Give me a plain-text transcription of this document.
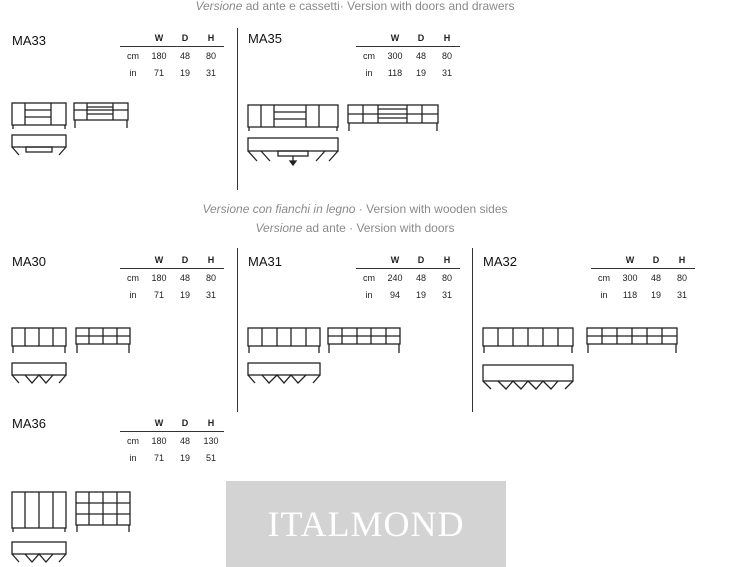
Versione ad ante e cassetti· Version with doors and drawers
Versione con fianchi in legno · Version with wooden sides
Versione ad ante · Version with doors
MA33
		W	D	H
cm	180	48	80
in	71	19	31
MA35
		W	D	H
cm	300	48	80
in	118	19	31
MA30
		W	D	H
cm	180	48	80
in	71	19	31
MA31
		W	D	H
cm	240	48	80
in	94	19	31
MA32
		W	D	H
cm	300	48	80
in	118	19	31
MA36
		W	D	H
cm	180	48	130
in	71	19	51
ITALMOND
